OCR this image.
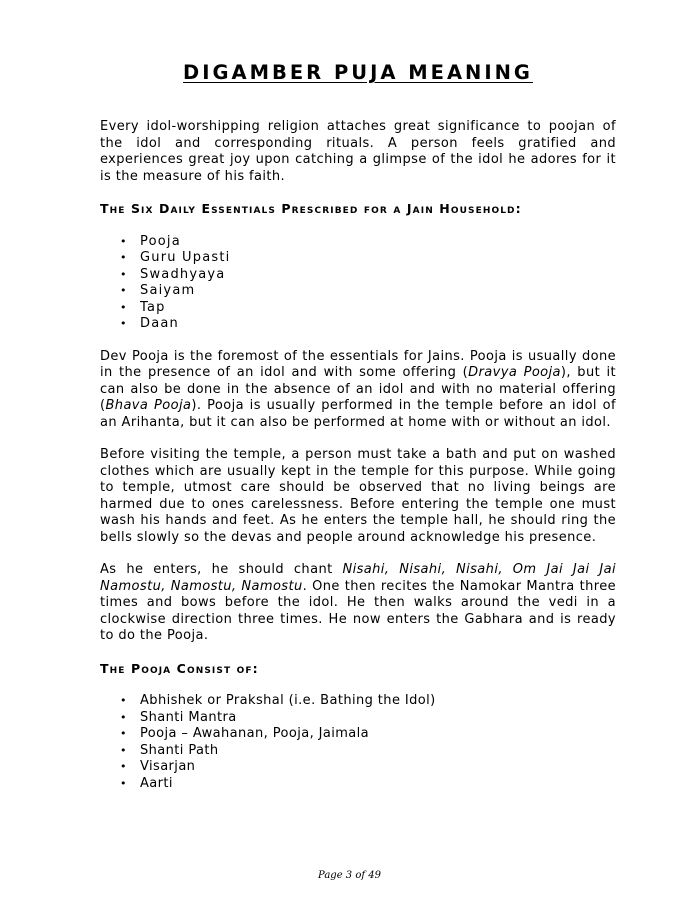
DIGAMBER PUJA MEANING

Every idol-worshipping religion attaches great significance to poojan of the idol and corresponding rituals. A person feels gratified and experiences great joy upon catching a glimpse of the idol he adores for it is the measure of his faith.

The Six Daily Essentials Prescribed for a Jain Household:
• Pooja
• Guru Upasti
• Swadhyaya
• Saiyam
• Tap
• Daan

Dev Pooja is the foremost of the essentials for Jains. Pooja is usually done in the presence of an idol and with some offering (Dravya Pooja), but it can also be done in the absence of an idol and with no material offering (Bhava Pooja). Pooja is usually performed in the temple before an idol of an Arihanta, but it can also be performed at home with or without an idol.

Before visiting the temple, a person must take a bath and put on washed clothes which are usually kept in the temple for this purpose. While going to temple, utmost care should be observed that no living beings are harmed due to ones carelessness. Before entering the temple one must wash his hands and feet. As he enters the temple hall, he should ring the bells slowly so the devas and people around acknowledge his presence.

As he enters, he should chant Nisahi, Nisahi, Nisahi, Om Jai Jai Jai Namostu, Namostu, Namostu. One then recites the Namokar Mantra three times and bows before the idol. He then walks around the vedi in a clockwise direction three times. He now enters the Gabhara and is ready to do the Pooja.

The Pooja Consist of:
• Abhishek or Prakshal (i.e. Bathing the Idol)
• Shanti Mantra
• Pooja – Awahanan, Pooja, Jaimala
• Shanti Path
• Visarjan
• Aarti
Page 3 of 49
